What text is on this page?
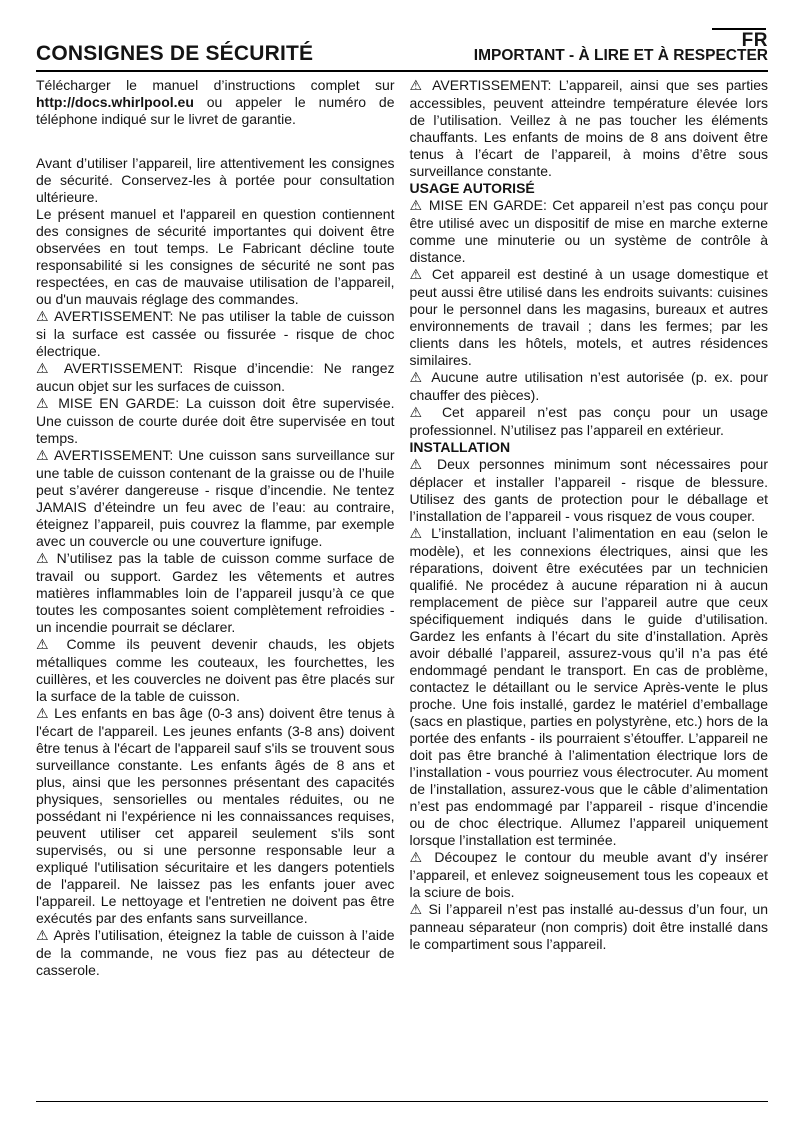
FR
CONSIGNES DE SÉCURITÉ	IMPORTANT - À LIRE ET À RESPECTER

Télécharger le manuel d’instructions complet sur http://docs.whirlpool.eu ou appeler le numéro de téléphone indiqué sur le livret de garantie.

Avant d’utiliser l’appareil, lire attentivement les consignes de sécurité. Conservez-les à portée pour consultation ultérieure.

Le présent manuel et l'appareil en question contiennent des consignes de sécurité importantes qui doivent être observées en tout temps. Le Fabricant décline toute responsabilité si les consignes de sécurité ne sont pas respectées, en cas de mauvaise utilisation de l’appareil, ou d'un mauvais réglage des commandes.

⚠ AVERTISSEMENT: Ne pas utiliser la table de cuisson si la surface est cassée ou fissurée - risque de choc électrique.

⚠ AVERTISSEMENT: Risque d’incendie: Ne rangez aucun objet sur les surfaces de cuisson.

⚠ MISE EN GARDE: La cuisson doit être supervisée. Une cuisson de courte durée doit être supervisée en tout temps.

⚠ AVERTISSEMENT: Une cuisson sans surveillance sur une table de cuisson contenant de la graisse ou de l’huile peut s’avérer dangereuse - risque d’incendie. Ne tentez JAMAIS d’éteindre un feu avec de l’eau: au contraire, éteignez l’appareil, puis couvrez la flamme, par exemple avec un couvercle ou une couverture ignifuge.

⚠ N’utilisez pas la table de cuisson comme surface de travail ou support. Gardez les vêtements et autres matières inflammables loin de l’appareil jusqu’à ce que toutes les composantes soient complètement refroidies - un incendie pourrait se déclarer.

⚠ Comme ils peuvent devenir chauds, les objets métalliques comme les couteaux, les fourchettes, les cuillères, et les couvercles ne doivent pas être placés sur la surface de la table de cuisson.

⚠ Les enfants en bas âge (0-3 ans) doivent être tenus à l'écart de l'appareil. Les jeunes enfants (3-8 ans) doivent être tenus à l'écart de l'appareil sauf s'ils se trouvent sous surveillance constante. Les enfants âgés de 8 ans et plus, ainsi que les personnes présentant des capacités physiques, sensorielles ou mentales réduites, ou ne possédant ni l'expérience ni les connaissances requises, peuvent utiliser cet appareil seulement s'ils sont supervisés, ou si une personne responsable leur a expliqué l'utilisation sécuritaire et les dangers potentiels de l'appareil. Ne laissez pas les enfants jouer avec l'appareil. Le nettoyage et l'entretien ne doivent pas être exécutés par des enfants sans surveillance.

⚠ Après l’utilisation, éteignez la table de cuisson à l’aide de la commande, ne vous fiez pas au détecteur de casserole.

⚠ AVERTISSEMENT: L’appareil, ainsi que ses parties accessibles, peuvent atteindre température élevée lors de l’utilisation. Veillez à ne pas toucher les éléments chauffants. Les enfants de moins de 8 ans doivent être tenus à l’écart de l’appareil, à moins d’être sous surveillance constante.

USAGE AUTORISÉ

⚠ MISE EN GARDE: Cet appareil n’est pas conçu pour être utilisé avec un dispositif de mise en marche externe comme une minuterie ou un système de contrôle à distance.

⚠ Cet appareil est destiné à un usage domestique et peut aussi être utilisé dans les endroits suivants: cuisines pour le personnel dans les magasins, bureaux et autres environnements de travail ; dans les fermes; par les clients dans les hôtels, motels, et autres résidences similaires.

⚠ Aucune autre utilisation n’est autorisée (p. ex. pour chauffer des pièces).

⚠ Cet appareil n’est pas conçu pour un usage professionnel. N’utilisez pas l’appareil en extérieur.

INSTALLATION

⚠ Deux personnes minimum sont nécessaires pour déplacer et installer l’appareil - risque de blessure. Utilisez des gants de protection pour le déballage et l’installation de l’appareil - vous risquez de vous couper.

⚠ L’installation, incluant l’alimentation en eau (selon le modèle), et les connexions électriques, ainsi que les réparations, doivent être exécutées par un technicien qualifié. Ne procédez à aucune réparation ni à aucun remplacement de pièce sur l’appareil autre que ceux spécifiquement indiqués dans le guide d’utilisation. Gardez les enfants à l’écart du site d’installation. Après avoir déballé l’appareil, assurez-vous qu’il n’a pas été endommagé pendant le transport. En cas de problème, contactez le détaillant ou le service Après-vente le plus proche. Une fois installé, gardez le matériel d’emballage (sacs en plastique, parties en polystyrène, etc.) hors de la portée des enfants - ils pourraient s’étouffer. L’appareil ne doit pas être branché à l’alimentation électrique lors de l’installation - vous pourriez vous électrocuter. Au moment de l’installation, assurez-vous que le câble d’alimentation n’est pas endommagé par l’appareil - risque d’incendie ou de choc électrique. Allumez l’appareil uniquement lorsque l’installation est terminée.

⚠ Découpez le contour du meuble avant d’y insérer l’appareil, et enlevez soigneusement tous les copeaux et la sciure de bois.

⚠ Si l’appareil n’est pas installé au-dessus d’un four, un panneau séparateur (non compris) doit être installé dans le compartiment sous l’appareil.
